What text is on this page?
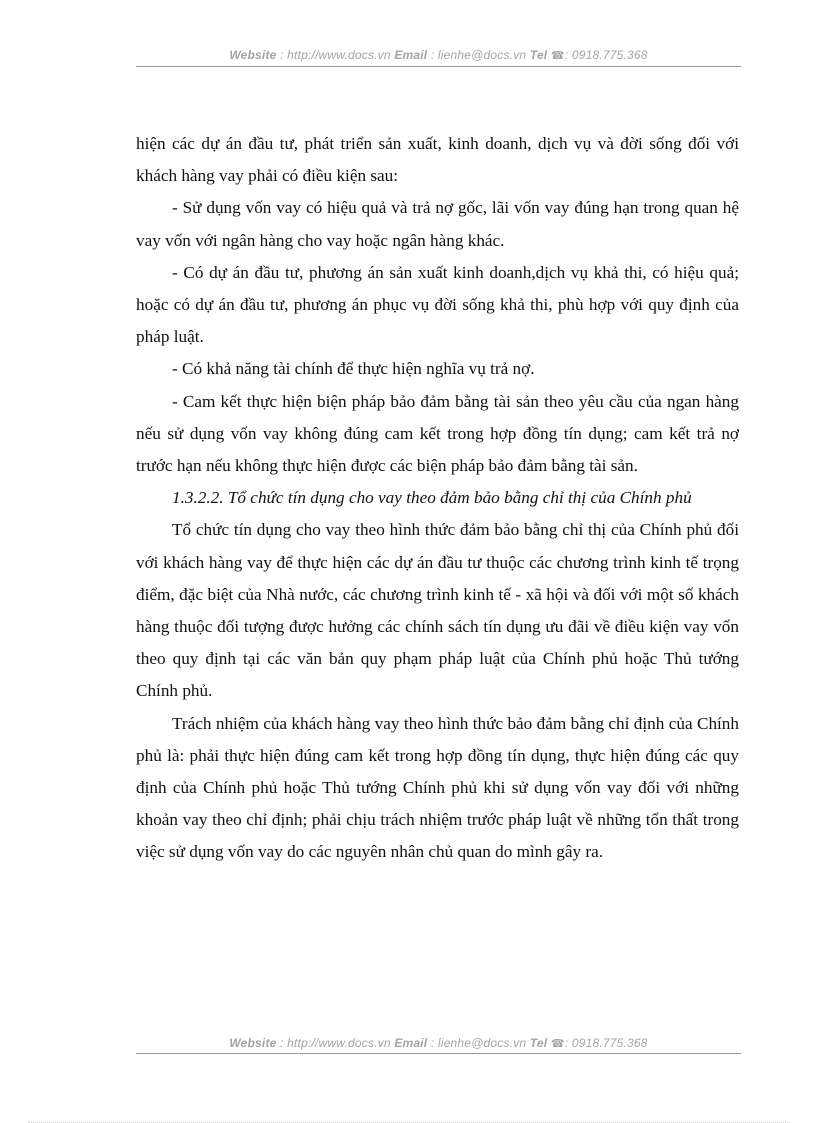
Website : http://www.docs.vn Email : lienhe@docs.vn Tel ☎: 0918.775.368

hiện các dự án đầu tư, phát triển sản xuất, kinh doanh, dịch vụ và đời sống đối với khách hàng vay phải có điều kiện sau:

- Sử dụng vốn vay có hiệu quả và trả nợ gốc, lãi vốn vay đúng hạn trong quan hệ vay vốn với ngân hàng cho vay hoặc ngân hàng khác.

- Có dự án đầu tư, phương án sản xuất kinh doanh,dịch vụ khả thi, có hiệu quả; hoặc có dự án đầu tư, phương án phục vụ đời sống khả thi, phù hợp với quy định của pháp luật.

- Có khả năng tài chính để thực hiện nghĩa vụ trả nợ.

- Cam kết thực hiện biện pháp bảo đảm bằng tài sản theo yêu cầu của ngan hàng nếu sử dụng vốn vay không đúng cam kết trong hợp đồng tín dụng; cam kết trả nợ trước hạn nếu không thực hiện được các biện pháp bảo đảm bằng tài sản.

1.3.2.2. Tổ chức tín dụng cho vay theo đảm bảo bằng chỉ thị của Chính phủ

Tổ chức tín dụng cho vay theo hình thức đảm bảo bằng chỉ thị của Chính phủ đối với khách hàng vay để thực hiện các dự án đầu tư thuộc các chương trình kinh tế trọng điểm, đặc biệt của Nhà nước, các chương trình kinh tế - xã hội và đối với một số khách hàng thuộc đối tượng được hưởng các chính sách tín dụng ưu đãi về điều kiện vay vốn theo quy định tại các văn bản quy phạm pháp luật của Chính phủ hoặc Thủ tướng Chính phủ.

Trách nhiệm của khách hàng vay theo hình thức bảo đảm bằng chỉ định của Chính phủ là: phải thực hiện đúng cam kết trong hợp đồng tín dụng, thực hiện đúng các quy định của Chính phủ hoặc Thủ tướng Chính phủ khi sử dụng vốn vay đối với những khoản vay theo chỉ định; phải chịu trách nhiệm trước pháp luật về những tổn thất trong việc sử dụng vốn vay do các nguyên nhân chủ quan do mình gây ra.

Website : http://www.docs.vn Email : lienhe@docs.vn Tel ☎: 0918.775.368
